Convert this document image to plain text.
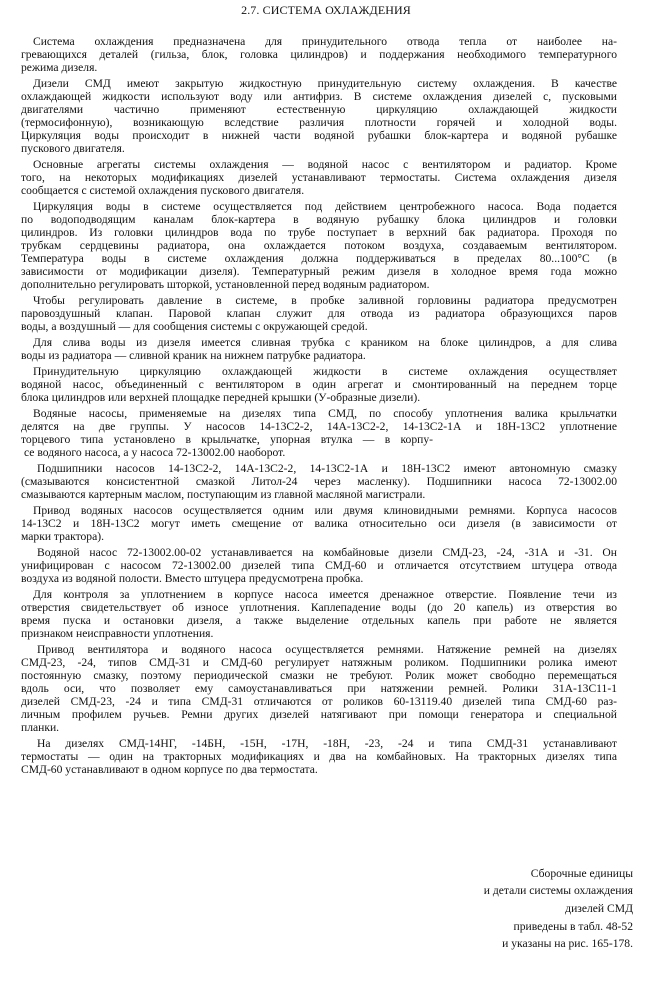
2.7. СИСТЕМА ОХЛАЖДЕНИЯ
Система охлаждения предназначена для принудительного отвода тепла от наиболее на-
гревающихся деталей (гильза, блок, головка цилиндров) и поддержания необходимого температурного
режима дизеля.
Дизели СМД имеют закрытую жидкостную принудительную систему охлаждения. В качестве
охлаждающей жидкости используют воду или антифриз. В системе охлаждения дизелей с, пусковыми
двигателями частично применяют естественную циркуляцию охлаждающей жидкости
(термосифонную), возникающую вследствие различия плотности горячей и холодной воды.
Циркуляция воды происходит в нижней части водяной рубашки блок-картера и водяной рубашке
пускового двигателя.
Основные агрегаты системы охлаждения — водяной насос с вентилятором и радиатор. Кроме
того, на некоторых модификациях дизелей устанавливают термостаты. Система охлаждения дизеля
сообщается с системой охлаждения пускового двигателя.
Циркуляция воды в системе осуществляется под действием центробежного насоса. Вода подается
по водоподводящим каналам блок-картера в водяную рубашку блока цилиндров и головки
цилиндров. Из головки цилиндров вода по трубе поступает в верхний бак радиатора. Проходя по
трубкам сердцевины радиатора, она охлаждается потоком воздуха, создаваемым вентилятором.
Температура воды в системе охлаждения должна поддерживаться в пределах 80...100°С (в
зависимости от модификации дизеля). Температурный режим дизеля в холодное время года можно
дополнительно регулировать шторкой, установленной перед водяным радиатором.
Чтобы регулировать давление в системе, в пробке заливной горловины радиатора предусмотрен
паровоздушный клапан. Паровой клапан служит для отвода из радиатора образующихся паров
воды, а воздушный — для сообщения системы с окружающей средой.
Для слива воды из дизеля имеется сливная трубка с краником на блоке цилиндров, а для слива
воды из радиатора — сливной краник на нижнем патрубке радиатора.
Принудительную циркуляцию охлаждающей жидкости в системе охлаждения осуществляет
водяной насос, объединенный с вентилятором в один агрегат и смонтированный на переднем торце
блока цилиндров или верхней площадке передней крышки (У-образные дизели).
Водяные насосы, применяемые на дизелях типа СМД, по способу уплотнения валика крыльчатки
делятся на две группы. У насосов 14-13С2-2, 14А-13С2-2, 14-13С2-1А и 18Н-13С2 уплотнение
торцевого типа установлено в крыльчатке, упорная втулка — в корпу-
се водяного насоса, а у насоса 72-13002.00 наоборот.
Подшипники насосов 14-13С2-2, 14А-13С2-2, 14-13С2-1А и 18Н-13С2 имеют автономную смазку
(смазываются консистентной смазкой Литол-24 через масленку). Подшипники насоса 72-13002.00
смазываются картерным маслом, поступающим из главной масляной магистрали.
Привод водяных насосов осуществляется одним или двумя клиновидными ремнями. Корпуса насосов
14-13С2 и 18Н-13С2 могут иметь смещение от валика относительно оси дизеля (в зависимости от
марки трактора).
Водяной насос 72-13002.00-02 устанавливается на комбайновые дизели СМД-23, -24, -31А и -31. Он
унифицирован с насосом 72-13002.00 дизелей типа СМД-60 и отличается отсутствием штуцера отвода
воздуха из водяной полости. Вместо штуцера предусмотрена пробка.
Для контроля за уплотнением в корпусе насоса имеется дренажное отверстие. Появление течи из
отверстия свидетельствует об износе уплотнения. Каплепадение воды (до 20 капель) из отверстия во
время пуска и остановки дизеля, а также выделение отдельных капель при работе не является
признаком неисправности уплотнения.
Привод вентилятора и водяного насоса осуществляется ремнями. Натяжение ремней на дизелях
СМД-23, -24, типов СМД-31 и СМД-60 регулирует натяжным роликом. Подшипники ролика имеют
постоянную смазку, поэтому периодической смазки не требуют. Ролик может свободно перемещаться
вдоль оси, что позволяет ему самоустанавливаться при натяжении ремней. Ролики 31А-13С11-1
дизелей СМД-23, -24 и типа СМД-31 отличаются от роликов 60-13119.40 дизелей типа СМД-60 раз-
личным профилем ручьев. Ремни других дизелей натягивают при помощи генератора и специальной
планки.
На дизелях СМД-14НГ, -14БН, -15Н, -17Н, -18Н, -23, -24 и типа СМД-31 устанавливают
термостаты — один на тракторных модификациях и два на комбайновых. На тракторных дизелях типа
СМД-60 устанавливают в одном корпусе по два термостата.
Сборочные единицы
и детали системы охлаждения
дизелей СМД
приведены в табл. 48-52
и указаны на рис. 165-178.
